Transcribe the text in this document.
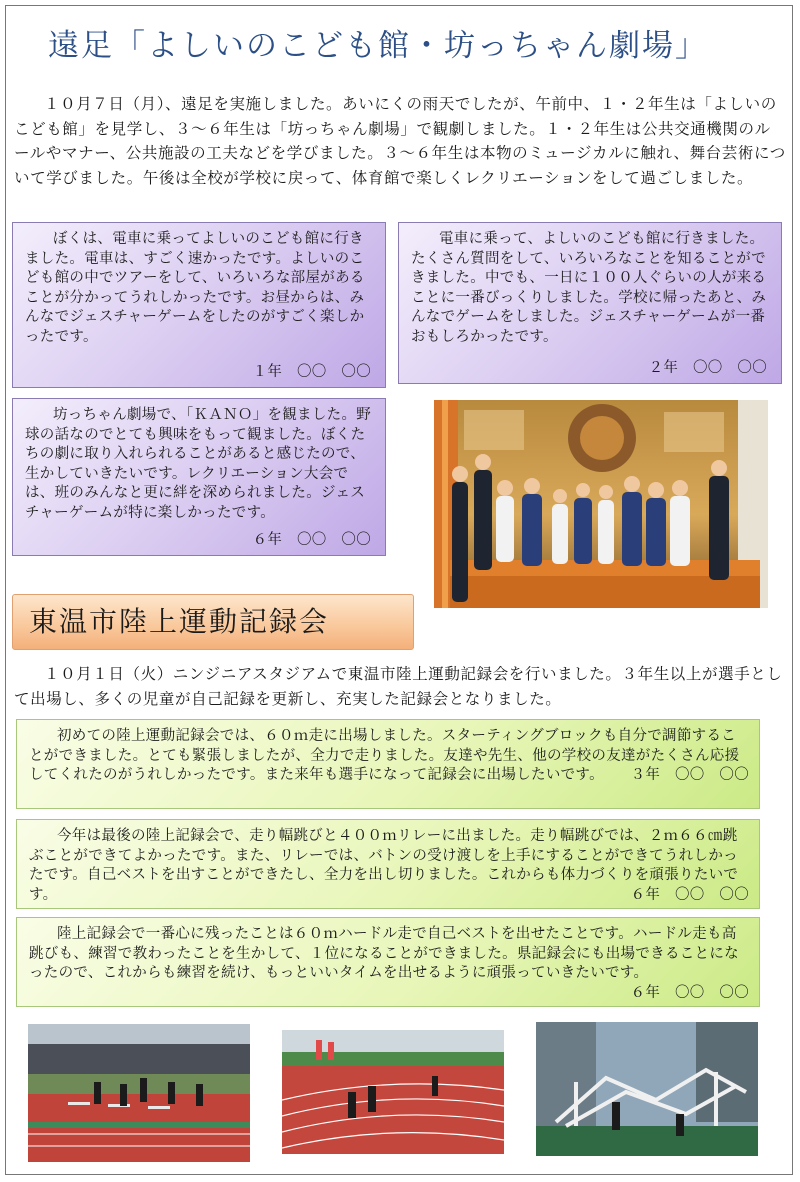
遠足「よしいのこども館・坊っちゃん劇場」

１０月７日（月）、遠足を実施しました。あいにくの雨天でしたが、午前中、１・２年生は「よしいのこども館」を見学し、３～６年生は「坊っちゃん劇場」で観劇しました。１・２年生は公共交通機関のルールやマナー、公共施設の工夫などを学びました。３～６年生は本物のミュージカルに触れ、舞台芸術について学びました。午後は全校が学校に戻って、体育館で楽しくレクリエーションをして過ごしました。

ぼくは、電車に乗ってよしいのこども館に行きました。電車は、すごく速かったです。よしいのこども館の中でツアーをして、いろいろな部屋があることが分かってうれしかったです。お昼からは、みんなでジェスチャーゲームをしたのがすごく楽しかったです。

１年　〇〇　〇〇

電車に乗って、よしいのこども館に行きました。たくさん質問をして、いろいろなことを知ることができました。中でも、一日に１００人ぐらいの人が来ることに一番びっくりしました。学校に帰ったあと、みんなでゲームをしました。ジェスチャーゲームが一番おもしろかったです。

２年　〇〇　〇〇

坊っちゃん劇場で、「ＫＡＮＯ」を観ました。野球の話なのでとても興味をもって観ました。ぼくたちの劇に取り入れられることがあると感じたので、生かしていきたいです。レクリエーション大会では、班のみんなと更に絆を深められました。ジェスチャーゲームが特に楽しかったです。

６年　〇〇　〇〇
東温市陸上運動記録会

１０月１日（火）ニンジニアスタジアムで東温市陸上運動記録会を行いました。３年生以上が選手として出場し、多くの児童が自己記録を更新し、充実した記録会となりました。

初めての陸上運動記録会では、６０ｍ走に出場しました。スターティングブロックも自分で調節することができました。とても緊張しましたが、全力で走りました。友達や先生、他の学校の友達がたくさん応援してくれたのがうれしかったです。また来年も選手になって記録会に出場したいです。 ３年　〇〇　〇〇

今年は最後の陸上記録会で、走り幅跳びと４００ｍリレーに出ました。走り幅跳びでは、２ｍ６６㎝跳ぶことができてよかったです。また、リレーでは、バトンの受け渡しを上手にすることができてうれしかったです。自己ベストを出すことができたし、全力を出し切りました。これからも体力づくりを頑張りたいです。	６年　〇〇　〇〇

陸上記録会で一番心に残ったことは６０ｍハードル走で自己ベストを出せたことです。ハードル走も高跳びも、練習で教わったことを生かして、１位になることができました。県記録会にも出場できることになったので、これからも練習を続け、もっといいタイムを出せるように頑張っていきたいです。
６年　〇〇　〇〇
